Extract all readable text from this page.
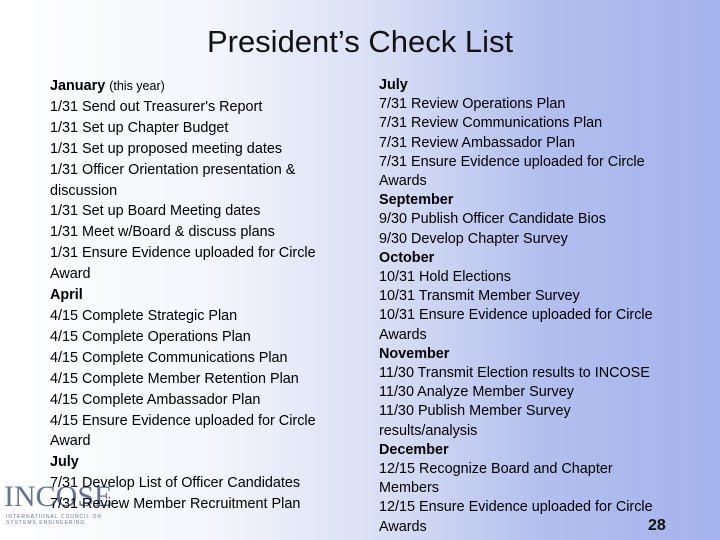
President’s Check List
INCOSE
INTERNATIONAL COUNCIL ON SYSTEMS ENGINEERING
January (this year)
1/31 Send out Treasurer's Report
1/31 Set up Chapter Budget
1/31 Set up proposed meeting dates
1/31 Officer Orientation presentation &
discussion
1/31 Set up Board Meeting dates
1/31 Meet w/Board & discuss plans
1/31 Ensure Evidence uploaded for Circle
Award
April
4/15 Complete Strategic Plan
4/15 Complete Operations Plan
4/15 Complete Communications Plan
4/15 Complete Member Retention Plan
4/15 Complete Ambassador Plan
4/15 Ensure Evidence uploaded for Circle
Award
July
7/31 Develop List of Officer Candidates
7/31 Review Member Recruitment Plan
July
7/31 Review Operations Plan
7/31 Review Communications Plan
7/31 Review Ambassador Plan
7/31 Ensure Evidence uploaded for Circle
Awards
September
9/30 Publish Officer Candidate Bios
9/30 Develop Chapter Survey
October
10/31 Hold Elections
10/31 Transmit Member Survey
10/31 Ensure Evidence uploaded for Circle
Awards
November
11/30 Transmit Election results to INCOSE
11/30 Analyze Member Survey
11/30 Publish Member Survey
results/analysis
December
12/15 Recognize Board and Chapter
Members
12/15 Ensure Evidence uploaded for Circle
Awards	28
